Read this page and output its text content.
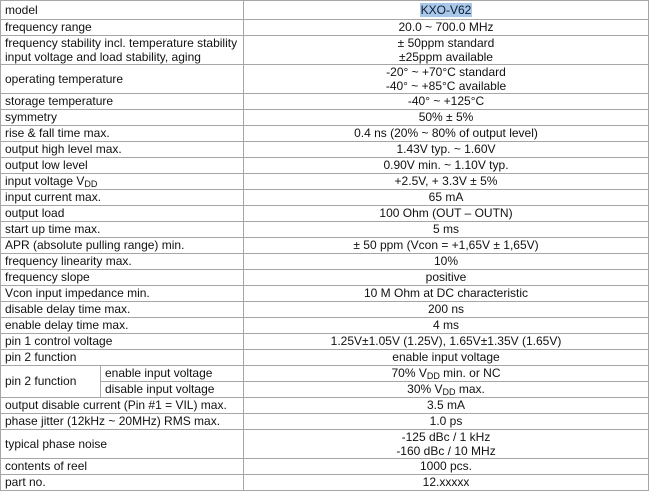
model		KXO-V62
frequency range		20.0 ~ 700.0 MHz

frequency stability incl. temperature stability
input voltage and load stability, aging		± 50ppm standard
±25ppm available

operating temperature		-20° ~ +70°C standard
-40° ~ +85°C available

storage temperature		-40° ~ +125°C
symmetry		50% ± 5%
rise & fall time max.		0.4 ns (20% ~ 80% of output level)
output high level max.		1.43V typ. ~ 1.60V
output low level		0.90V min. ~ 1.10V typ.
input voltage $V_{DD}$		+2.5V, + 3.3V ± 5%
input current max.		65 mA
output load		100 Ohm (OUT – OUTN)
start up time max.		5 ms
APR (absolute pulling range) min.		± 50 ppm (Vcon = +1,65V ± 1,65V)
frequency linearity max.		10%
frequency slope		positive
Vcon input impedance min.		10 M Ohm at DC characteristic
disable delay time max.		200 ns
enable delay time max.		4 ms
pin 1 control voltage		1.25V±1.05V (1.25V), 1.65V±1.35V (1.65V)
pin 2 function		enable input voltage
pin 2 function	enable input voltage	70% $V_{DD}$ min. or NC
	disable input voltage	30% $V_{DD}$ max.
output disable current (Pin #1 = VIL) max.		3.5 mA
phase jitter (12kHz ~ 20MHz) RMS max.		1.0 ps
typical phase noise		-125 dBc / 1 kHz
-160 dBc / 10 MHz

contents of reel		1000 pcs.
part no.		12.xxxxx
